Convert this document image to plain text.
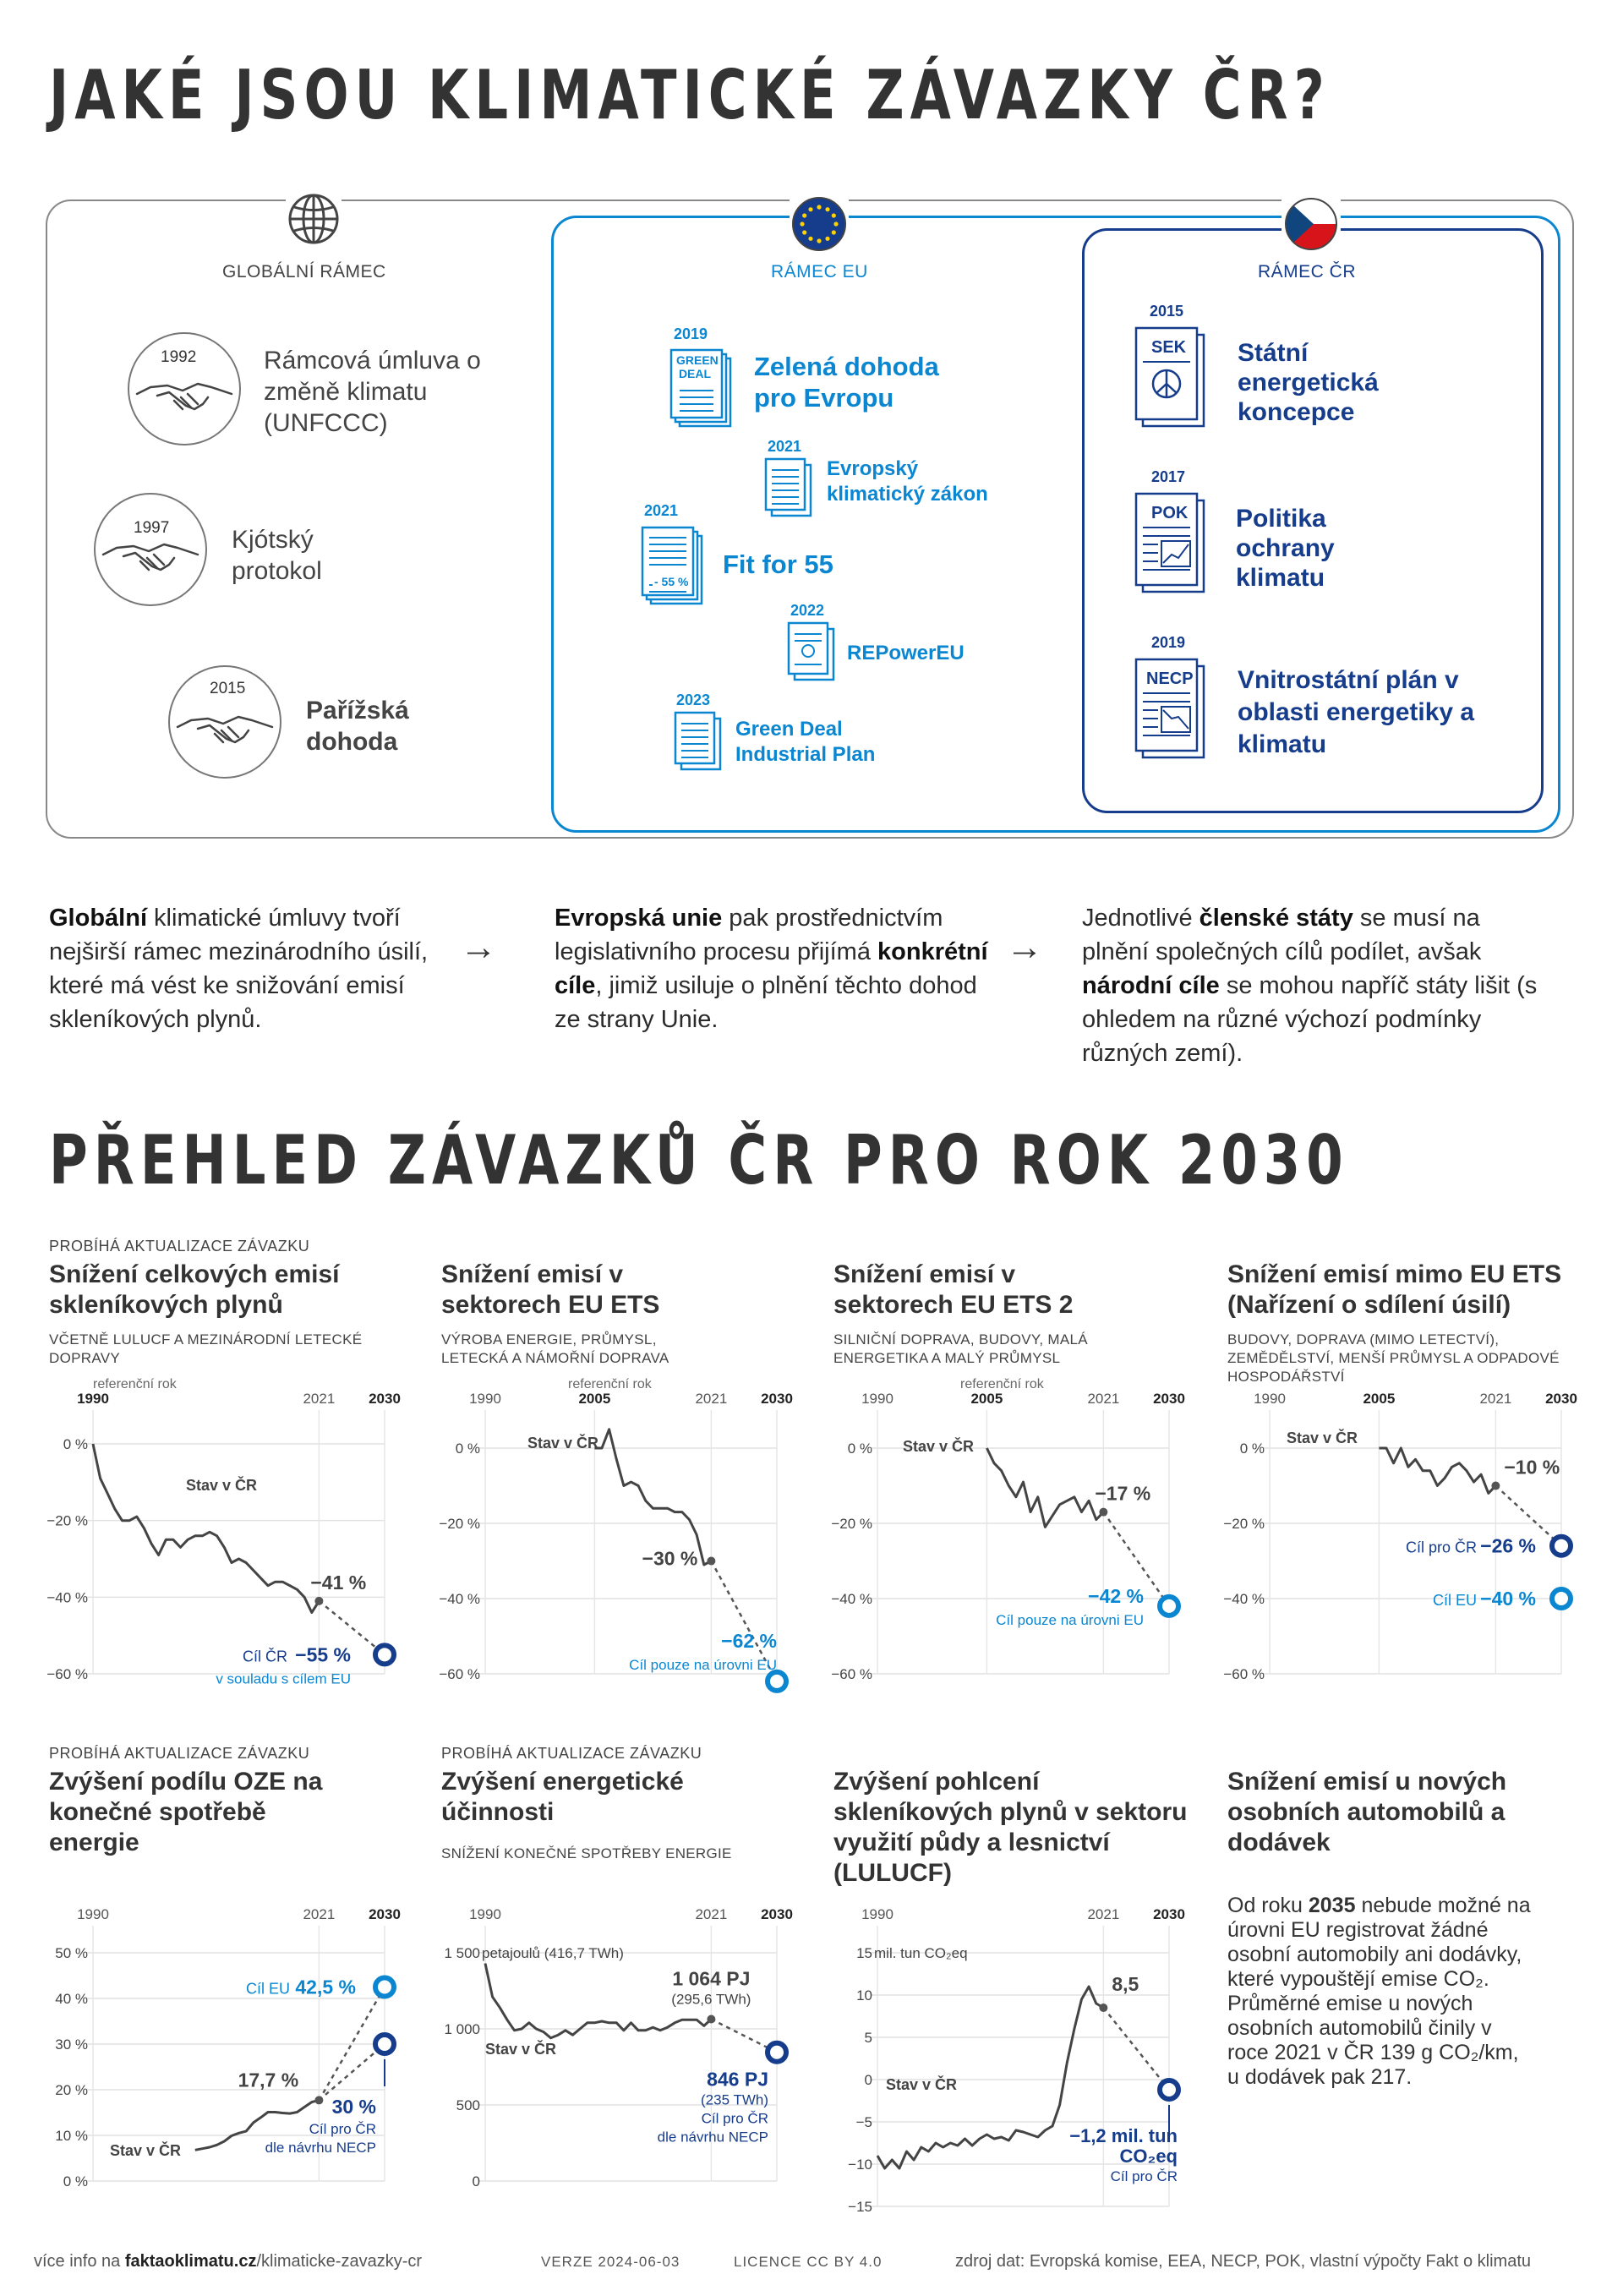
JAKÉ JSOU KLIMATICKÉ ZÁVAZKY ČR?
GLOBÁLNÍ RÁMEC	RÁMEC EU	RÁMEC ČR
1992	Rámcová úmluva o změně klimatu (UNFCCC)
1997 Kjótský protokol
2015
Pařížská dohoda
2019
GREEN DEAL Zelená dohoda pro Evropu
2021
Evropský klimatický zákon
2021
- 55 %
Fit for 55
2022
REPowerEU
2023
Green Deal Industrial Plan
2015
SEK Státní energetická koncepce
2017
POK Politika ochrany klimatu
2019
NECP Vnitrostátní plán v oblasti energetiky a klimatu
Globální klimatické úmluvy tvoří nejširší rámec mezinárodního úsilí, které má vést ke snižování emisí skleníkových plynů.
→
Evropská unie pak prostřednictvím legislativního procesu přijímá konkrétní cíle, jimiž usiluje o plnění těchto dohod ze strany Unie.
→
Jednotlivé členské státy se musí na plnění společných cílů podílet, avšak národní cíle se mohou napříč státy lišit (s ohledem na různé výchozí podmínky různých zemí).
PŘEHLED ZÁVAZKŮ ČR PRO ROK 2030
PROBÍHÁ AKTUALIZACE ZÁVAZKU
Snížení celkových emisí skleníkových plynů
VČETNĚ LULUCF A MEZINÁRODNÍ LETECKÉ DOPRAVY
Snížení emisí v sektorech EU ETS
VÝROBA ENERGIE, PRŮMYSL, LETECKÁ A NÁMOŘNÍ DOPRAVA
Snížení emisí v sektorech EU ETS 2
SILNIČNÍ DOPRAVA, BUDOVY, MALÁ ENERGETIKA A MALÝ PRŮMYSL
Snížení emisí mimo EU ETS (Nařízení o sdílení úsilí)
BUDOVY, DOPRAVA (MIMO LETECTVÍ), ZEMĚDĚLSTVÍ, MENŠÍ PRŮMYSL A ODPADOVÉ HOSPODÁŘSTVÍ
PROBÍHÁ AKTUALIZACE ZÁVAZKU
Zvýšení podílu OZE na konečné spotřebě energie
PROBÍHÁ AKTUALIZACE ZÁVAZKU
Zvýšení energetické účinnosti
SNÍŽENÍ KONEČNÉ SPOTŘEBY ENERGIE
Zvýšení pohlcení skleníkových plynů v sektoru využití půdy a lesnictví (LULUCF)
Snížení emisí u nových osobních automobilů a dodávek
Od roku 2035 nebude možné na úrovni EU registrovat žádné osobní automobily ani dodávky, které vypouštějí emise CO₂. Průměrné emise u nových osobních automobilů činily v roce 2021 v ČR 139 g CO₂/km, u dodávek pak 217.
0 %
−20 %
−40 %
−60 %
1990	2021 2030
referenční rok
Stav v ČR
−41 %
−55 %
Cíl ČR
v souladu s cílem EU
0 %
−20 %
−40 %
−60 %
1990	2005	2021 2030
referenční rok
Stav v ČR
−30 %
−62 %
Cíl pouze na úrovni EU
0 %
−20 %
−40 %
−60 %
1990	2005	2021 2030
referenční rok
Stav v ČR
−17 %
−42 %
Cíl pouze na úrovni EU
0 %
−20 %
−40 %
−60 %
1990	2005	2021 2030
Stav v ČR
−10 %
−26 %
Cíl pro ČR
−40 %
Cíl EU
50 %
40 %
30 %
20 %
10 %
0 %
1990	2021 2030
Stav v ČR
17,7 %
42,5 %
Cíl EU
30 %
Cíl pro ČR
dle návrhu NECP
1 500
1 000
500
0
1990	2021 2030
petajoulů (416,7 TWh)
Stav v ČR
1 064 PJ
(295,6 TWh)
846 PJ
(235 TWh)
Cíl pro ČR
dle návrhu NECP
15
10
5
0
−5
−10
−15
1990	2021 2030
mil. tun CO₂eq
Stav v ČR
8,5
−1,2 mil. tun
CO₂eq
Cíl pro ČR
více info na faktaoklimatu.cz/klimaticke-zavazky-cr	VERZE 2024-06-03	LICENCE CC BY 4.0	zdroj dat: Evropská komise, EEA, NECP, POK, vlastní výpočty Fakt o klimatu
